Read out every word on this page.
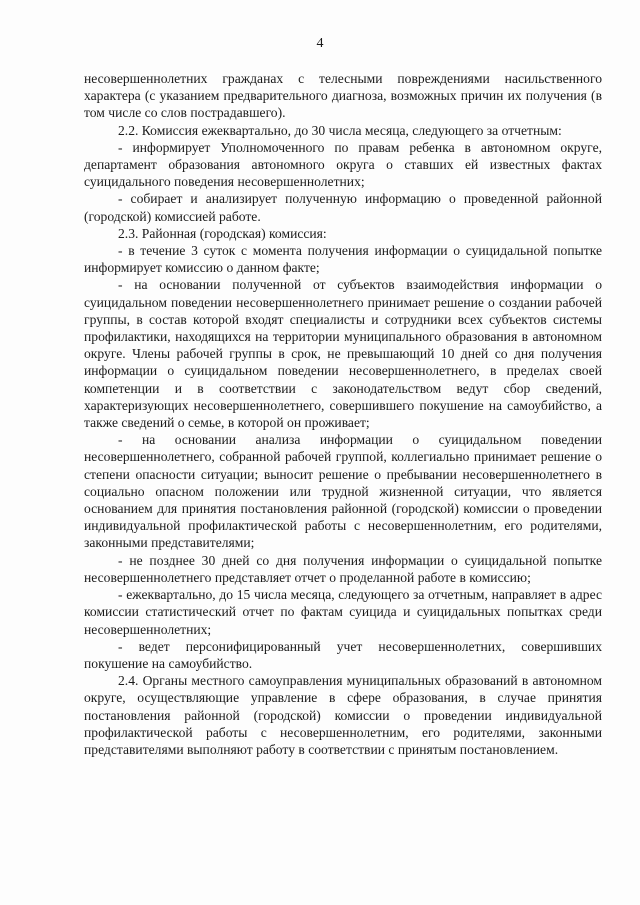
4

несовершеннолетних гражданах с телесными повреждениями насильственного характера (с указанием предварительного диагноза, возможных причин их получения (в том числе со слов пострадавшего).

2.2. Комиссия ежеквартально, до 30 числа месяца, следующего за отчетным:

- информирует Уполномоченного по правам ребенка в автономном округе, департамент образования автономного округа о ставших ей известных фактах суицидального поведения несовершеннолетних;

- собирает и анализирует полученную информацию о проведенной районной (городской) комиссией работе.

2.3. Районная (городская) комиссия:

- в течение 3 суток с момента получения информации о суицидальной попытке информирует комиссию о данном факте;

- на основании полученной от субъектов взаимодействия информации о суицидальном поведении несовершеннолетнего принимает решение о создании рабочей группы, в состав которой входят специалисты и сотрудники всех субъектов системы профилактики, находящихся на территории муниципального образования в автономном округе. Члены рабочей группы в срок, не превышающий 10 дней со дня получения информации о суицидальном поведении несовершеннолетнего, в пределах своей компетенции и в соответствии с законодательством ведут сбор сведений, характеризующих несовершеннолетнего, совершившего покушение на самоубийство, а также сведений о семье, в которой он проживает;

- на основании анализа информации о суицидальном поведении несовершеннолетнего, собранной рабочей группой, коллегиально принимает решение о степени опасности ситуации; выносит решение о пребывании несовершеннолетнего в социально опасном положении или трудной жизненной ситуации, что является основанием для принятия постановления районной (городской) комиссии о проведении индивидуальной профилактической работы с несовершеннолетним, его родителями, законными представителями;

- не позднее 30 дней со дня получения информации о суицидальной попытке несовершеннолетнего представляет отчет о проделанной работе в комиссию;

- ежеквартально, до 15 числа месяца, следующего за отчетным, направляет в адрес комиссии статистический отчет по фактам суицида и суицидальных попытках среди несовершеннолетних;

- ведет персонифицированный учет несовершеннолетних, совершивших покушение на самоубийство.

2.4. Органы местного самоуправления муниципальных образований в автономном округе, осуществляющие управление в сфере образования, в случае принятия постановления районной (городской) комиссии о проведении индивидуальной профилактической работы с несовершеннолетним, его родителями, законными представителями выполняют работу в соответствии с принятым постановлением.
